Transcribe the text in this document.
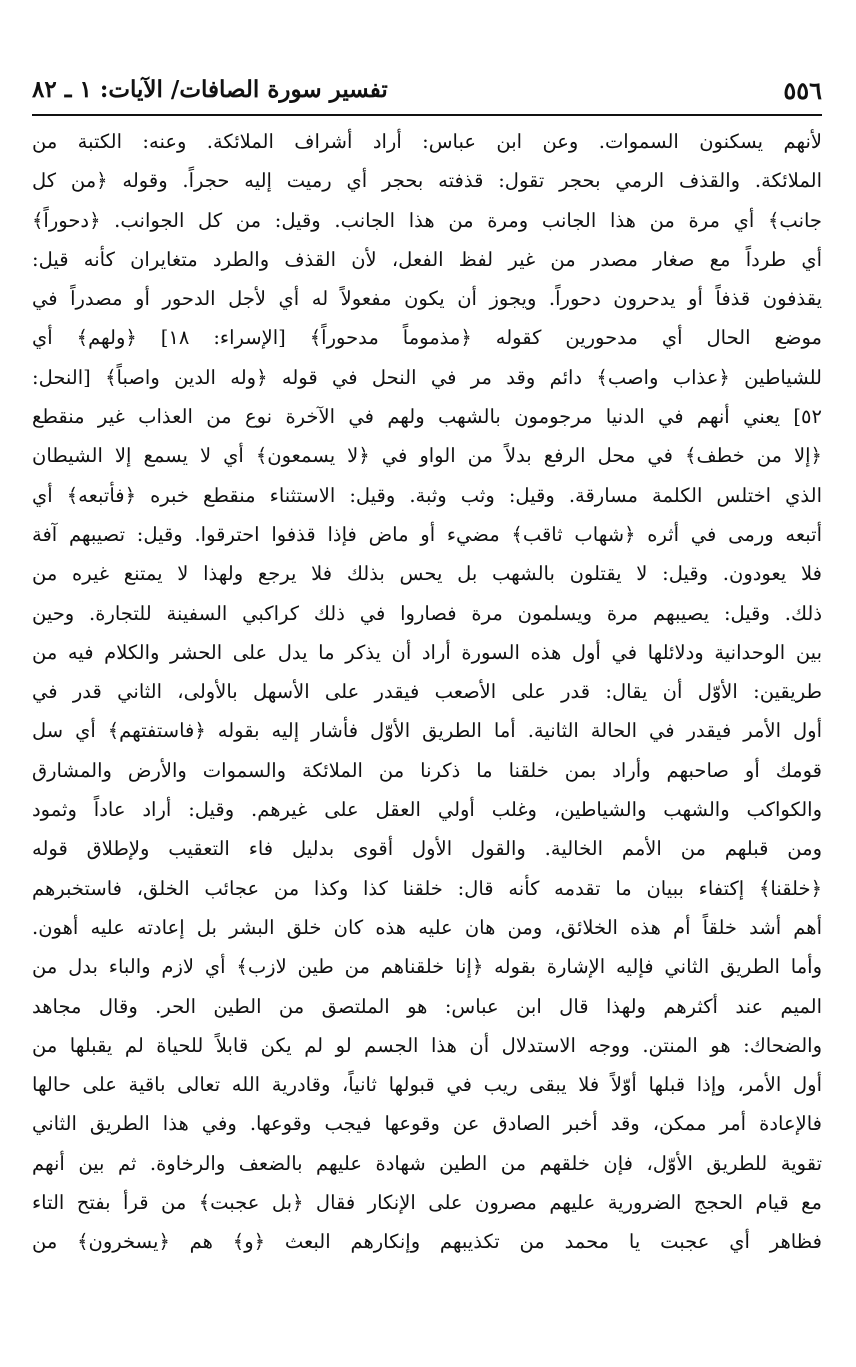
٥٥٦
تفسير سورة الصافات/ الآيات: ١ ـ ٨٢
لأنهم يسكنون السموات. وعن ابن عباس: أراد أشراف الملائكة. وعنه: الكتبة من
الملائكة. والقذف الرمي بحجر تقول: قذفته بحجر أي رميت إليه حجراً. وقوله ﴿من كل
جانب﴾ أي مرة من هذا الجانب ومرة من هذا الجانب. وقيل: من كل الجوانب. ﴿دحوراً﴾
أي طرداً مع صغار مصدر من غير لفظ الفعل، لأن القذف والطرد متغايران كأنه قيل:
يقذفون قذفاً أو يدحرون دحوراً. ويجوز أن يكون مفعولاً له أي لأجل الدحور أو مصدراً في
موضع الحال أي مدحورين كقوله ﴿مذموماً مدحوراً﴾ [الإسراء: ١٨] ﴿ولهم﴾ أي
للشياطين ﴿عذاب واصب﴾ دائم وقد مر في النحل في قوله ﴿وله الدين واصباً﴾ [النحل:
٥٢] يعني أنهم في الدنيا مرجومون بالشهب ولهم في الآخرة نوع من العذاب غير منقطع
﴿إلا من خطف﴾ في محل الرفع بدلاً من الواو في ﴿لا يسمعون﴾ أي لا يسمع إلا الشيطان
الذي اختلس الكلمة مسارقة. وقيل: وثب وثبة. وقيل: الاستثناء منقطع خبره ﴿فأتبعه﴾ أي
أتبعه ورمى في أثره ﴿شهاب ثاقب﴾ مضيء أو ماض فإذا قذفوا احترقوا. وقيل: تصيبهم آفة
فلا يعودون. وقيل: لا يقتلون بالشهب بل يحس بذلك فلا يرجع ولهذا لا يمتنع غيره من
ذلك. وقيل: يصيبهم مرة ويسلمون مرة فصاروا في ذلك كراكبي السفينة للتجارة. وحين
بين الوحدانية ودلائلها في أول هذه السورة أراد أن يذكر ما يدل على الحشر والكلام فيه من
طريقين: الأوّل أن يقال: قدر على الأصعب فيقدر على الأسهل بالأولى، الثاني قدر في
أول الأمر فيقدر في الحالة الثانية. أما الطريق الأوّل فأشار إليه بقوله ﴿فاستفتهم﴾ أي سل
قومك أو صاحبهم وأراد بمن خلقنا ما ذكرنا من الملائكة والسموات والأرض والمشارق
والكواكب والشهب والشياطين، وغلب أولي العقل على غيرهم. وقيل: أراد عاداً وثمود
ومن قبلهم من الأمم الخالية. والقول الأول أقوى بدليل فاء التعقيب ولإطلاق قوله
﴿خلقنا﴾ إكتفاء ببيان ما تقدمه كأنه قال: خلقنا كذا وكذا من عجائب الخلق، فاستخبرهم
أهم أشد خلقاً أم هذه الخلائق، ومن هان عليه هذه كان خلق البشر بل إعادته عليه أهون.
وأما الطريق الثاني فإليه الإشارة بقوله ﴿إنا خلقناهم من طين لازب﴾ أي لازم والباء بدل من
الميم عند أكثرهم ولهذا قال ابن عباس: هو الملتصق من الطين الحر. وقال مجاهد
والضحاك: هو المنتن. ووجه الاستدلال أن هذا الجسم لو لم يكن قابلاً للحياة لم يقبلها من
أول الأمر، وإذا قبلها أوّلاً فلا يبقى ريب في قبولها ثانياً، وقادرية الله تعالى باقية على حالها
فالإعادة أمر ممكن، وقد أخبر الصادق عن وقوعها فيجب وقوعها. وفي هذا الطريق الثاني
تقوية للطريق الأوّل، فإن خلقهم من الطين شهادة عليهم بالضعف والرخاوة. ثم بين أنهم
مع قيام الحجج الضرورية عليهم مصرون على الإنكار فقال ﴿بل عجبت﴾ من قرأ بفتح التاء
فظاهر أي عجبت يا محمد من تكذيبهم وإنكارهم البعث ﴿و﴾ هم ﴿يسخرون﴾ من
